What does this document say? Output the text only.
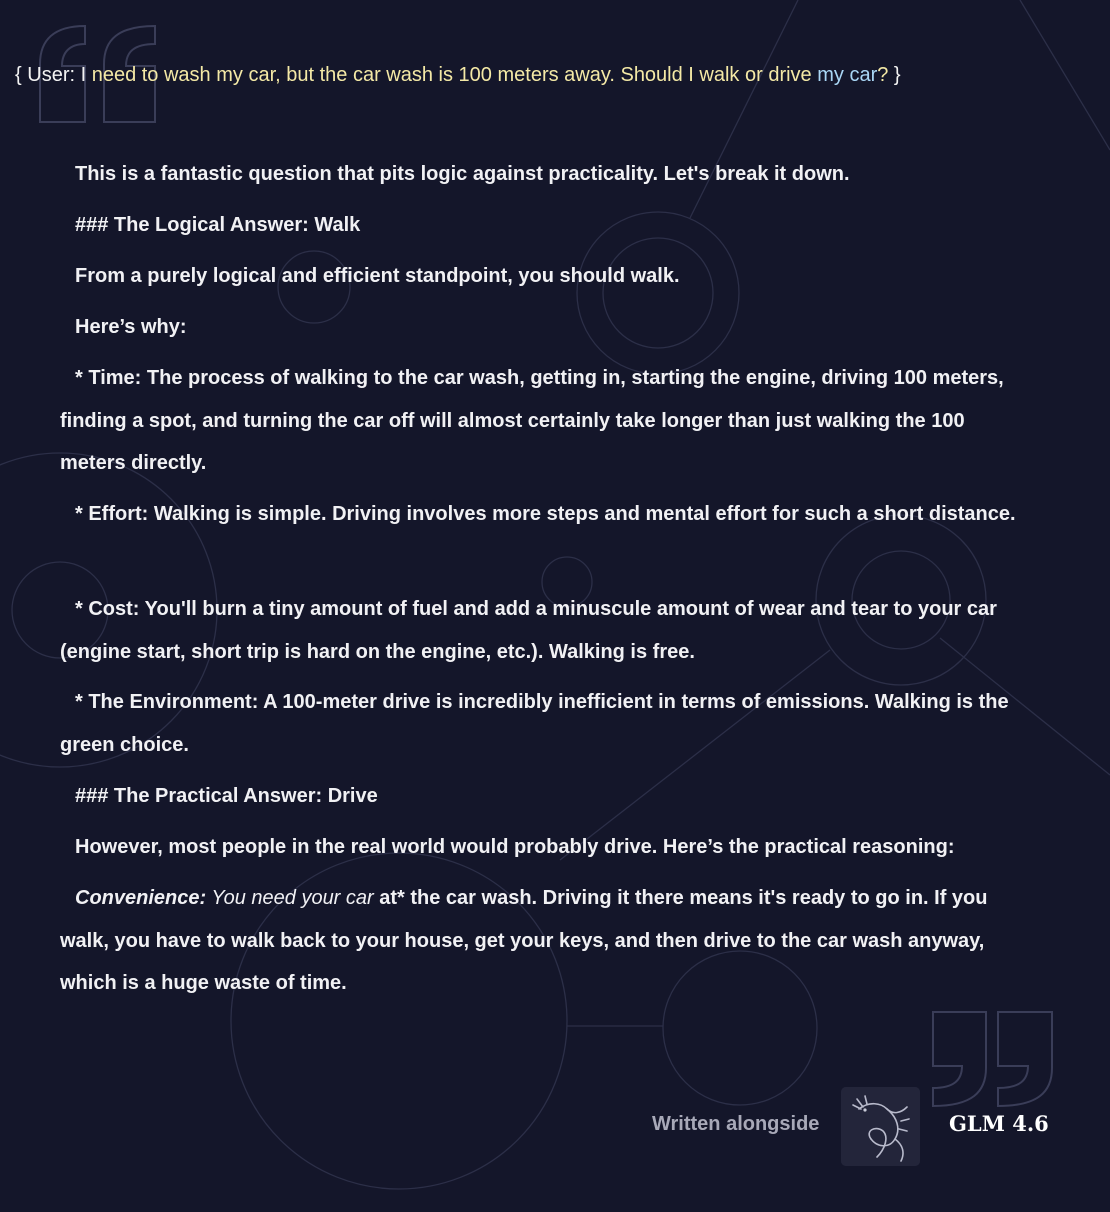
{ User: I need to wash my car, but the car wash is 100 meters away. Should I walk or drive my car? }
This is a fantastic question that pits logic against practicality. Let's break it down.
### The Logical Answer: Walk
From a purely logical and efficient standpoint, you should walk.
Here’s why:
* Time: The process of walking to the car wash, getting in, starting the engine, driving 100 meters, finding a spot, and turning the car off will almost certainly take longer than just walking the 100 meters directly.
* Effort: Walking is simple. Driving involves more steps and mental effort for such a short distance.
* Cost: You'll burn a tiny amount of fuel and add a minuscule amount of wear and tear to your car (engine start, short trip is hard on the engine, etc.). Walking is free.
* The Environment: A 100-meter drive is incredibly inefficient in terms of emissions. Walking is the green choice.
### The Practical Answer: Drive
However, most people in the real world would probably drive. Here’s the practical reasoning:
Convenience: You need your car at* the car wash. Driving it there means it's ready to go in. If you walk, you have to walk back to your house, get your keys, and then drive to the car wash anyway, which is a huge waste of time.
Written alongside	GLM 4.6
